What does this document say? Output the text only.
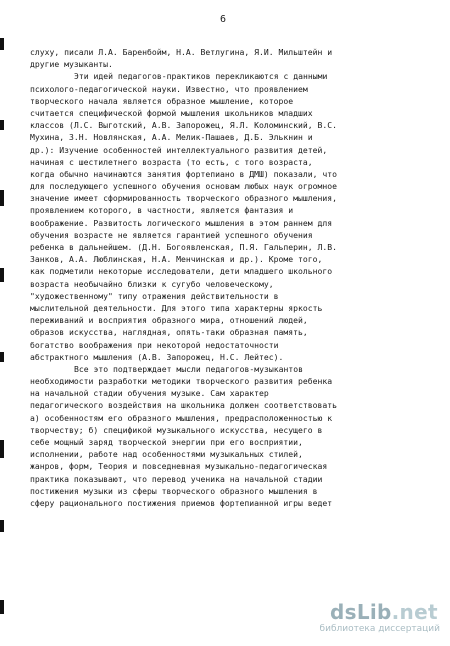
6
слуху, писали Л.А. Баренбойм, Н.А. Ветлугина, Я.И. Мильштейн и
другие музыканты.
Эти идей педагогов-практиков перекликаются с данными
психолого-педагогической науки. Известно, что проявлением
творческого начала является образное мышление, которое
считается специфической формой мышления школьников младших
классов (Л.С. Выготский, А.В. Запорожец, Я.Л. Коломинский, В.С.
Мухина, З.Н. Новлянская, А.А. Мелик-Пашаев, Д.Б. Элькнин и
др.): Изучение особенностей интеллектуального развития детей,
начиная с шестилетнего возраста (то есть, с того возраста,
когда обычно начинаются занятия фортепиано в ДМШ) показали, что
для последующего успешного обучения основам любых наук огромное
значение имеет сформированность творческого образного мышления,
проявлением которого, в частности, является фантазия и
воображение. Развитость логического мышления в этом раннем для
обучения возрасте не является гарантией успешного обучения
ребенка в дальнейшем. (Д.Н. Богоявленская, П.Я. Гальперин, Л.В.
Занков, А.А. Люблинская, Н.А. Менчинская и др.). Кроме того,
как подметили некоторые исследователи, дети младшего школьного
возраста необычайно близки к сугубо человеческому,
"художественному" типу отражения действительности в
мыслительной деятельности. Для этого типа характерны яркость
переживаний и восприятия образного мира, отношений людей,
образов искусства, наглядная, опять-таки образная память,
богатство воображения при некоторой недостаточности
абстрактного мышления (А.В. Запорожец, Н.С. Лейтес).
Все это подтверждает мысли педагогов-музыкантов
необходимости разработки методики творческого развития ребенка
на начальной стадии обучения музыке. Сам характер
педагогического воздействия на школьника должен соответствовать
а) особенностям его образного мышления, предрасположенностью к
творчеству; б) спецификой музыкального искусства, несущего в
себе мощный заряд творческой энергии при его восприятии,
исполнении, работе над особенностями музыкальных стилей,
жанров, форм, Теория и повседневная музыкально-педагогическая
практика показывают, что перевод ученика на начальной стадии
постижения музыки из сферы творческого образного мышления в
сферу рационального постижения приемов фортепианной игры ведет
dsLib.net
библиотека диссертаций
